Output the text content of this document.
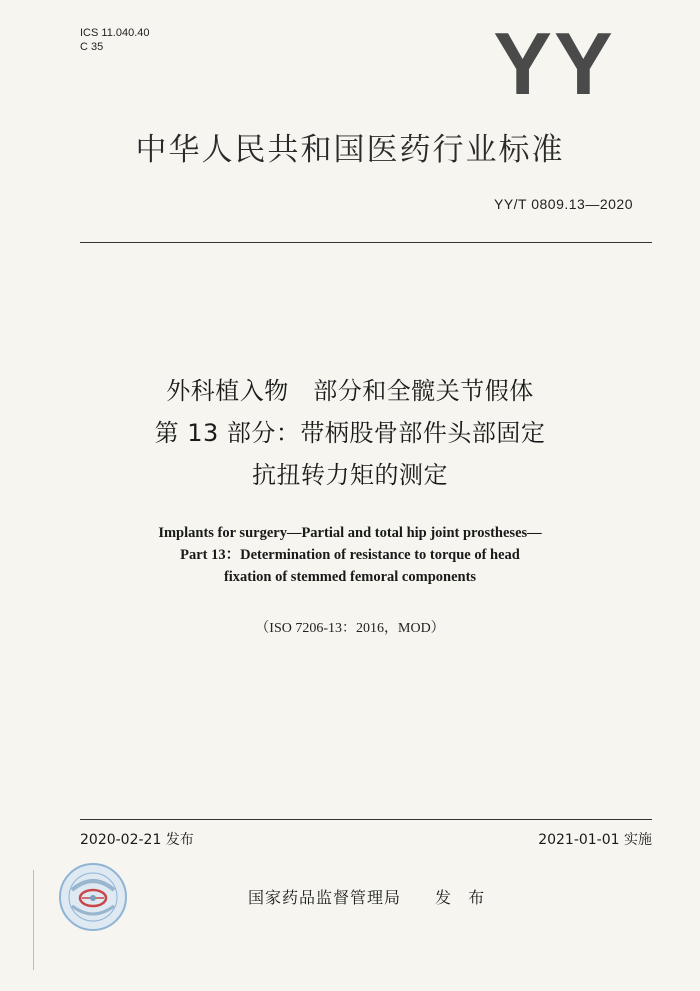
ICS 11.040.40
C 35	YY
中华人民共和国医药行业标准
YY/T 0809.13—2020
外科植入物　部分和全髋关节假体
第 13 部分：带柄股骨部件头部固定
抗扭转力矩的测定
Implants for surgery—Partial and total hip joint prostheses—
Part 13：Determination of resistance to torque of head
fixation of stemmed femoral components
（ISO 7206-13：2016，MOD）
2020-02-21 发布	2021-01-01 实施
国家药品监督管理局 发 布
